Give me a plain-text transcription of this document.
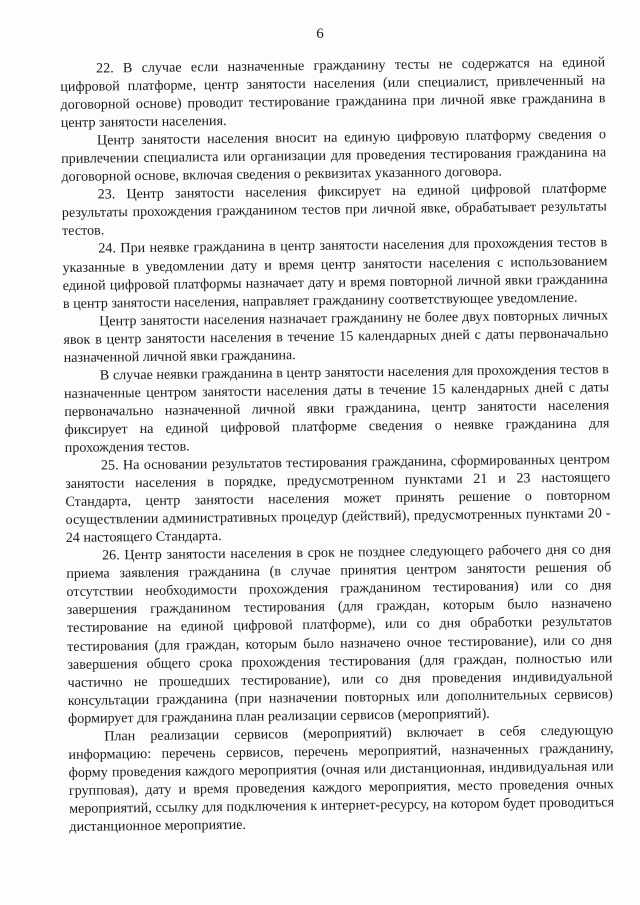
6

22. В случае если назначенные гражданину тесты не содержатся на единой цифровой платформе, центр занятости населения (или специалист, привлеченный на договорной основе) проводит тестирование гражданина при личной явке гражданина в центр занятости населения.

Центр занятости населения вносит на единую цифровую платформу сведения о привлечении специалиста или организации для проведения тестирования гражданина на договорной основе, включая сведения о реквизитах указанного договора.

23. Центр занятости населения фиксирует на единой цифровой платформе результаты прохождения гражданином тестов при личной явке, обрабатывает результаты тестов.

24. При неявке гражданина в центр занятости населения для прохождения тестов в указанные в уведомлении дату и время центр занятости населения с использованием единой цифровой платформы назначает дату и время повторной личной явки гражданина в центр занятости населения, направляет гражданину соответствующее уведомление.

Центр занятости населения назначает гражданину не более двух повторных личных явок в центр занятости населения в течение 15 календарных дней с даты первоначально назначенной личной явки гражданина.

В случае неявки гражданина в центр занятости населения для прохождения тестов в назначенные центром занятости населения даты в течение 15 календарных дней с даты первоначально назначенной личной явки гражданина, центр занятости населения фиксирует на единой цифровой платформе сведения о неявке гражданина для прохождения тестов.

25. На основании результатов тестирования гражданина, сформированных центром занятости населения в порядке, предусмотренном пунктами 21 и 23 настоящего Стандарта, центр занятости населения может принять решение о повторном осуществлении административных процедур (действий), предусмотренных пунктами 20 - 24 настоящего Стандарта.

26. Центр занятости населения в срок не позднее следующего рабочего дня со дня приема заявления гражданина (в случае принятия центром занятости решения об отсутствии необходимости прохождения гражданином тестирования) или со дня завершения гражданином тестирования (для граждан, которым было назначено тестирование на единой цифровой платформе), или со дня обработки результатов тестирования (для граждан, которым было назначено очное тестирование), или со дня завершения общего срока прохождения тестирования (для граждан, полностью или частично не прошедших тестирование), или со дня проведения индивидуальной консультации гражданина (при назначении повторных или дополнительных сервисов) формирует для гражданина план реализации сервисов (мероприятий).

План реализации сервисов (мероприятий) включает в себя следующую информацию: перечень сервисов, перечень мероприятий, назначенных гражданину, форму проведения каждого мероприятия (очная или дистанционная, индивидуальная или групповая), дату и время проведения каждого мероприятия, место проведения очных мероприятий, ссылку для подключения к интернет-ресурсу, на котором будет проводиться дистанционное мероприятие.
